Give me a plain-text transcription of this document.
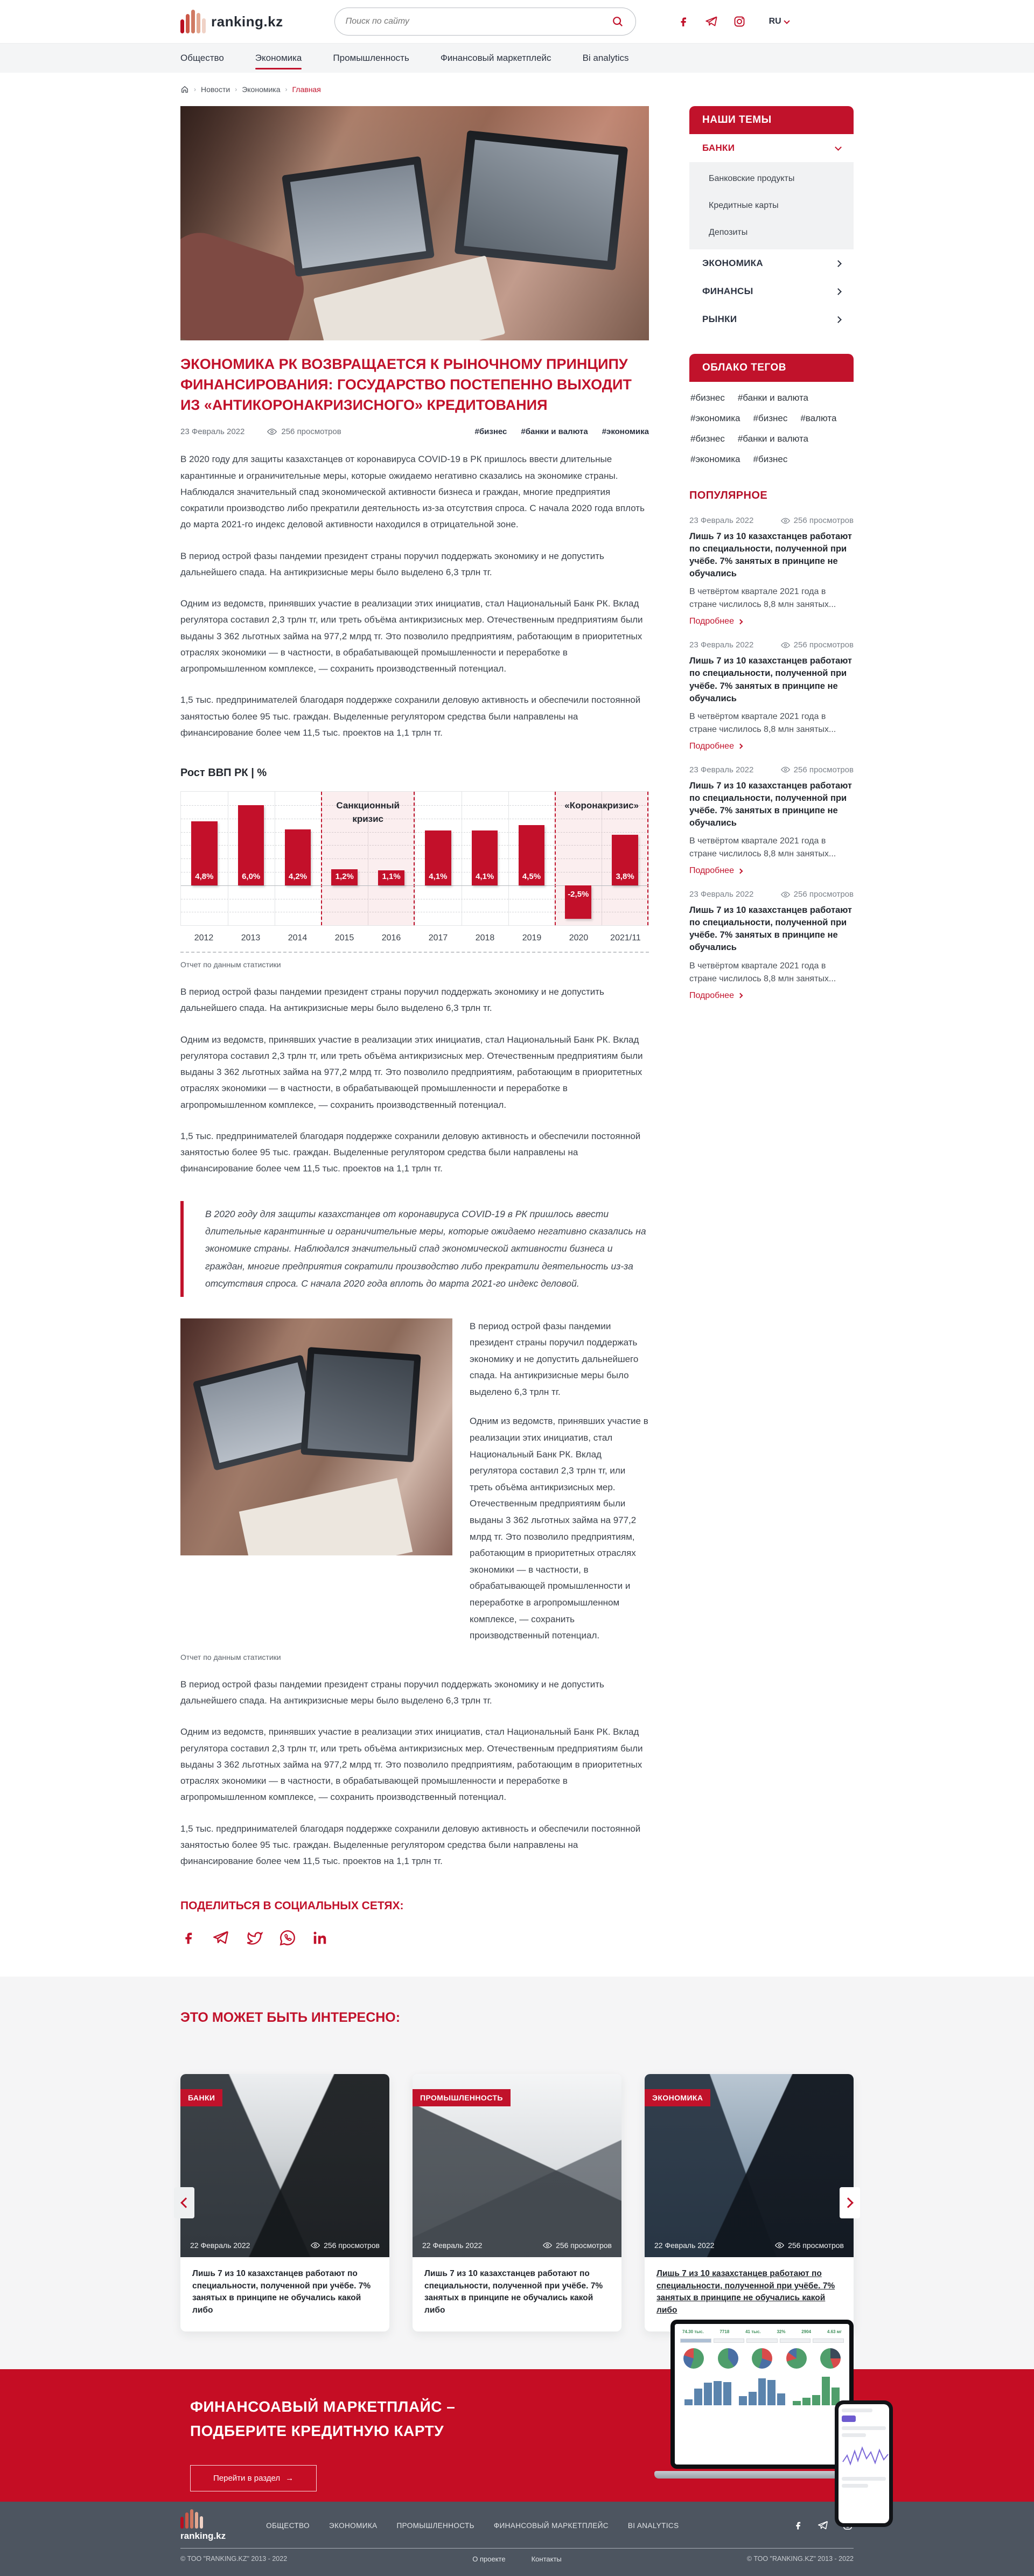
ranking.kz
Поиск по сайту	RU
Общество	Экономика	Промышленность	Финансовый маркетплейс	Bi analytics
› Новости › Экономика › Главная
ЭКОНОМИКА РК ВОЗВРАЩАЕТСЯ К РЫНОЧНОМУ ПРИНЦИПУ ФИНАНСИРОВАНИЯ: ГОСУДАРСТВО ПОСТЕПЕННО ВЫХОДИТ ИЗ «АНТИКОРОНАКРИЗИСНОГО» КРЕДИТОВАНИЯ
23 Февраль 2022	256 просмотров	#бизнес #банки и валюта #экономика

В 2020 году для защиты казахстанцев от коронавируса COVID-19 в РК пришлось ввести длительные карантинные и ограничительные меры, которые ожидаемо негативно сказались на экономике страны. Наблюдался значительный спад экономической активности бизнеса и граждан, многие предприятия сократили производство либо прекратили деятельность из-за отсутствия спроса. С начала 2020 года вплоть до марта 2021-го индекс деловой активности находился в отрицательной зоне.

В период острой фазы пандемии президент страны поручил поддержать экономику и не допустить дальнейшего спада. На антикризисные меры было выделено 6,3 трлн тг.

Одним из ведомств, принявших участие в реализации этих инициатив, стал Национальный Банк РК. Вклад регулятора составил 2,3 трлн тг, или треть объёма антикризисных мер. Отечественным предприятиям были выданы 3 362 льготных займа на 977,2 млрд тг. Это позволило предприятиям, работающим в приоритетных отраслях экономики — в частности, в обрабатывающей промышленности и переработке в агропромышленном комплексе, — сохранить производственный потенциал.

1,5 тыс. предпринимателей благодаря поддержке сохранили деловую активность и обеспечили постоянной занятостью более 95 тыс. граждан. Выделенные регулятором средства были направлены на финансирование более чем 11,5 тыс. проектов на 1,1 трлн тг.

Рост ВВП РК | %
Санкционный кризис
«Коронакризис»
4,8%	6,0%	4,2%	1,2%	1,1%	4,1%	4,1%	4,5%
-2,5%
3,8%
2012	2013	2014	2015	2016	2017	2018	2019	2020	2021/11
Отчет по данным статистики

В период острой фазы пандемии президент страны поручил поддержать экономику и не допустить дальнейшего спада. На антикризисные меры было выделено 6,3 трлн тг.

Одним из ведомств, принявших участие в реализации этих инициатив, стал Национальный Банк РК. Вклад регулятора составил 2,3 трлн тг, или треть объёма антикризисных мер. Отечественным предприятиям были выданы 3 362 льготных займа на 977,2 млрд тг. Это позволило предприятиям, работающим в приоритетных отраслях экономики — в частности, в обрабатывающей промышленности и переработке в агропромышленном комплексе, — сохранить производственный потенциал.

1,5 тыс. предпринимателей благодаря поддержке сохранили деловую активность и обеспечили постоянной занятостью более 95 тыс. граждан. Выделенные регулятором средства были направлены на финансирование более чем 11,5 тыс. проектов на 1,1 трлн тг.

В 2020 году для защиты казахстанцев от коронавируса COVID-19 в РК пришлось ввести длительные карантинные и ограничительные меры, которые ожидаемо негативно сказались на экономике страны. Наблюдался значительный спад экономической активности бизнеса и граждан, многие предприятия сократили производство либо прекратили деятельность из-за отсутствия спроса. С начала 2020 года вплоть до марта 2021-го индекс деловой.

В период острой фазы пандемии президент страны поручил поддержать экономику и не допустить дальнейшего спада. На антикризисные меры было выделено 6,3 трлн тг.

Одним из ведомств, принявших участие в реализации этих инициатив, стал Национальный Банк РК. Вклад регулятора составил 2,3 трлн тг, или треть объёма антикризисных мер. Отечественным предприятиям были выданы 3 362 льготных займа на 977,2 млрд тг. Это позволило предприятиям, работающим в приоритетных отраслях экономики — в частности, в обрабатывающей промышленности и переработке в агропромышленном комплексе, — сохранить производственный потенциал.

Отчет по данным статистики

В период острой фазы пандемии президент страны поручил поддержать экономику и не допустить дальнейшего спада. На антикризисные меры было выделено 6,3 трлн тг.

Одним из ведомств, принявших участие в реализации этих инициатив, стал Национальный Банк РК. Вклад регулятора составил 2,3 трлн тг, или треть объёма антикризисных мер. Отечественным предприятиям были выданы 3 362 льготных займа на 977,2 млрд тг. Это позволило предприятиям, работающим в приоритетных отраслях экономики — в частности, в обрабатывающей промышленности и переработке в агропромышленном комплексе, — сохранить производственный потенциал.

1,5 тыс. предпринимателей благодаря поддержке сохранили деловую активность и обеспечили постоянной занятостью более 95 тыс. граждан. Выделенные регулятором средства были направлены на финансирование более чем 11,5 тыс. проектов на 1,1 трлн тг.

ПОДЕЛИТЬСЯ В СОЦИАЛЬНЫХ СЕТЯХ:
НАШИ ТЕМЫ
БАНКИ
Банковские продукты
Кредитные карты
Депозиты
ЭКОНОМИКА
ФИНАНСЫ
РЫНКИ
ОБЛАКО ТЕГОВ
#бизнес #банки и валюта
#экономика #бизнес #валюта
#бизнес #банки и валюта
#экономика #бизнес
ПОПУЛЯРНОЕ
23 Февраль 2022	256 просмотров
Лишь 7 из 10 казахстанцев работают по специальности, полученной при учёбе. 7% занятых в принципе не обучались
В четвёртом квартале 2021 года в стране числилось 8,8 млн занятых...
Подробнее
23 Февраль 2022	256 просмотров
Лишь 7 из 10 казахстанцев работают по специальности, полученной при учёбе. 7% занятых в принципе не обучались
В четвёртом квартале 2021 года в стране числилось 8,8 млн занятых...
Подробнее
23 Февраль 2022	256 просмотров
Лишь 7 из 10 казахстанцев работают по специальности, полученной при учёбе. 7% занятых в принципе не обучались
В четвёртом квартале 2021 года в стране числилось 8,8 млн занятых...
Подробнее
23 Февраль 2022	256 просмотров
Лишь 7 из 10 казахстанцев работают по специальности, полученной при учёбе. 7% занятых в принципе не обучались
В четвёртом квартале 2021 года в стране числилось 8,8 млн занятых...
Подробнее
ЭТО МОЖЕТ БЫТЬ ИНТЕРЕСНО:
БАНКИ
22 Февраль 2022	256 просмотров
Лишь 7 из 10 казахстанцев работают по специальности, полученной при учёбе. 7% занятых в принципе не обучались какой либо
ПРОМЫШЛЕННОСТЬ
22 Февраль 2022	256 просмотров
Лишь 7 из 10 казахстанцев работают по специальности, полученной при учёбе. 7% занятых в принципе не обучались какой либо
ЭКОНОМИКА
22 Февраль 2022	256 просмотров
Лишь 7 из 10 казахстанцев работают по специальности, полученной при учёбе. 7% занятых в принципе не обучались какой либо
ФИНАНСОАВЫЙ МАРКЕТПЛАЙС –
ПОДБЕРИТЕ КРЕДИТНУЮ КАРТУ
Перейти в раздел →
74.30 тыс.	7718	41 тыс.	32%	2904	4.63 мг
ranking.kz
ОБЩЕСТВО	ЭКОНОМИКА	ПРОМЫШЛЕННОСТЬ	ФИНАНСОВЫЙ МАРКЕТПЛЕЙС	BI ANALYTICS
© ТОО "RANKING.KZ" 2013 - 2022	О проекте	Контакты	© ТОО "RANKING.KZ" 2013 - 2022
